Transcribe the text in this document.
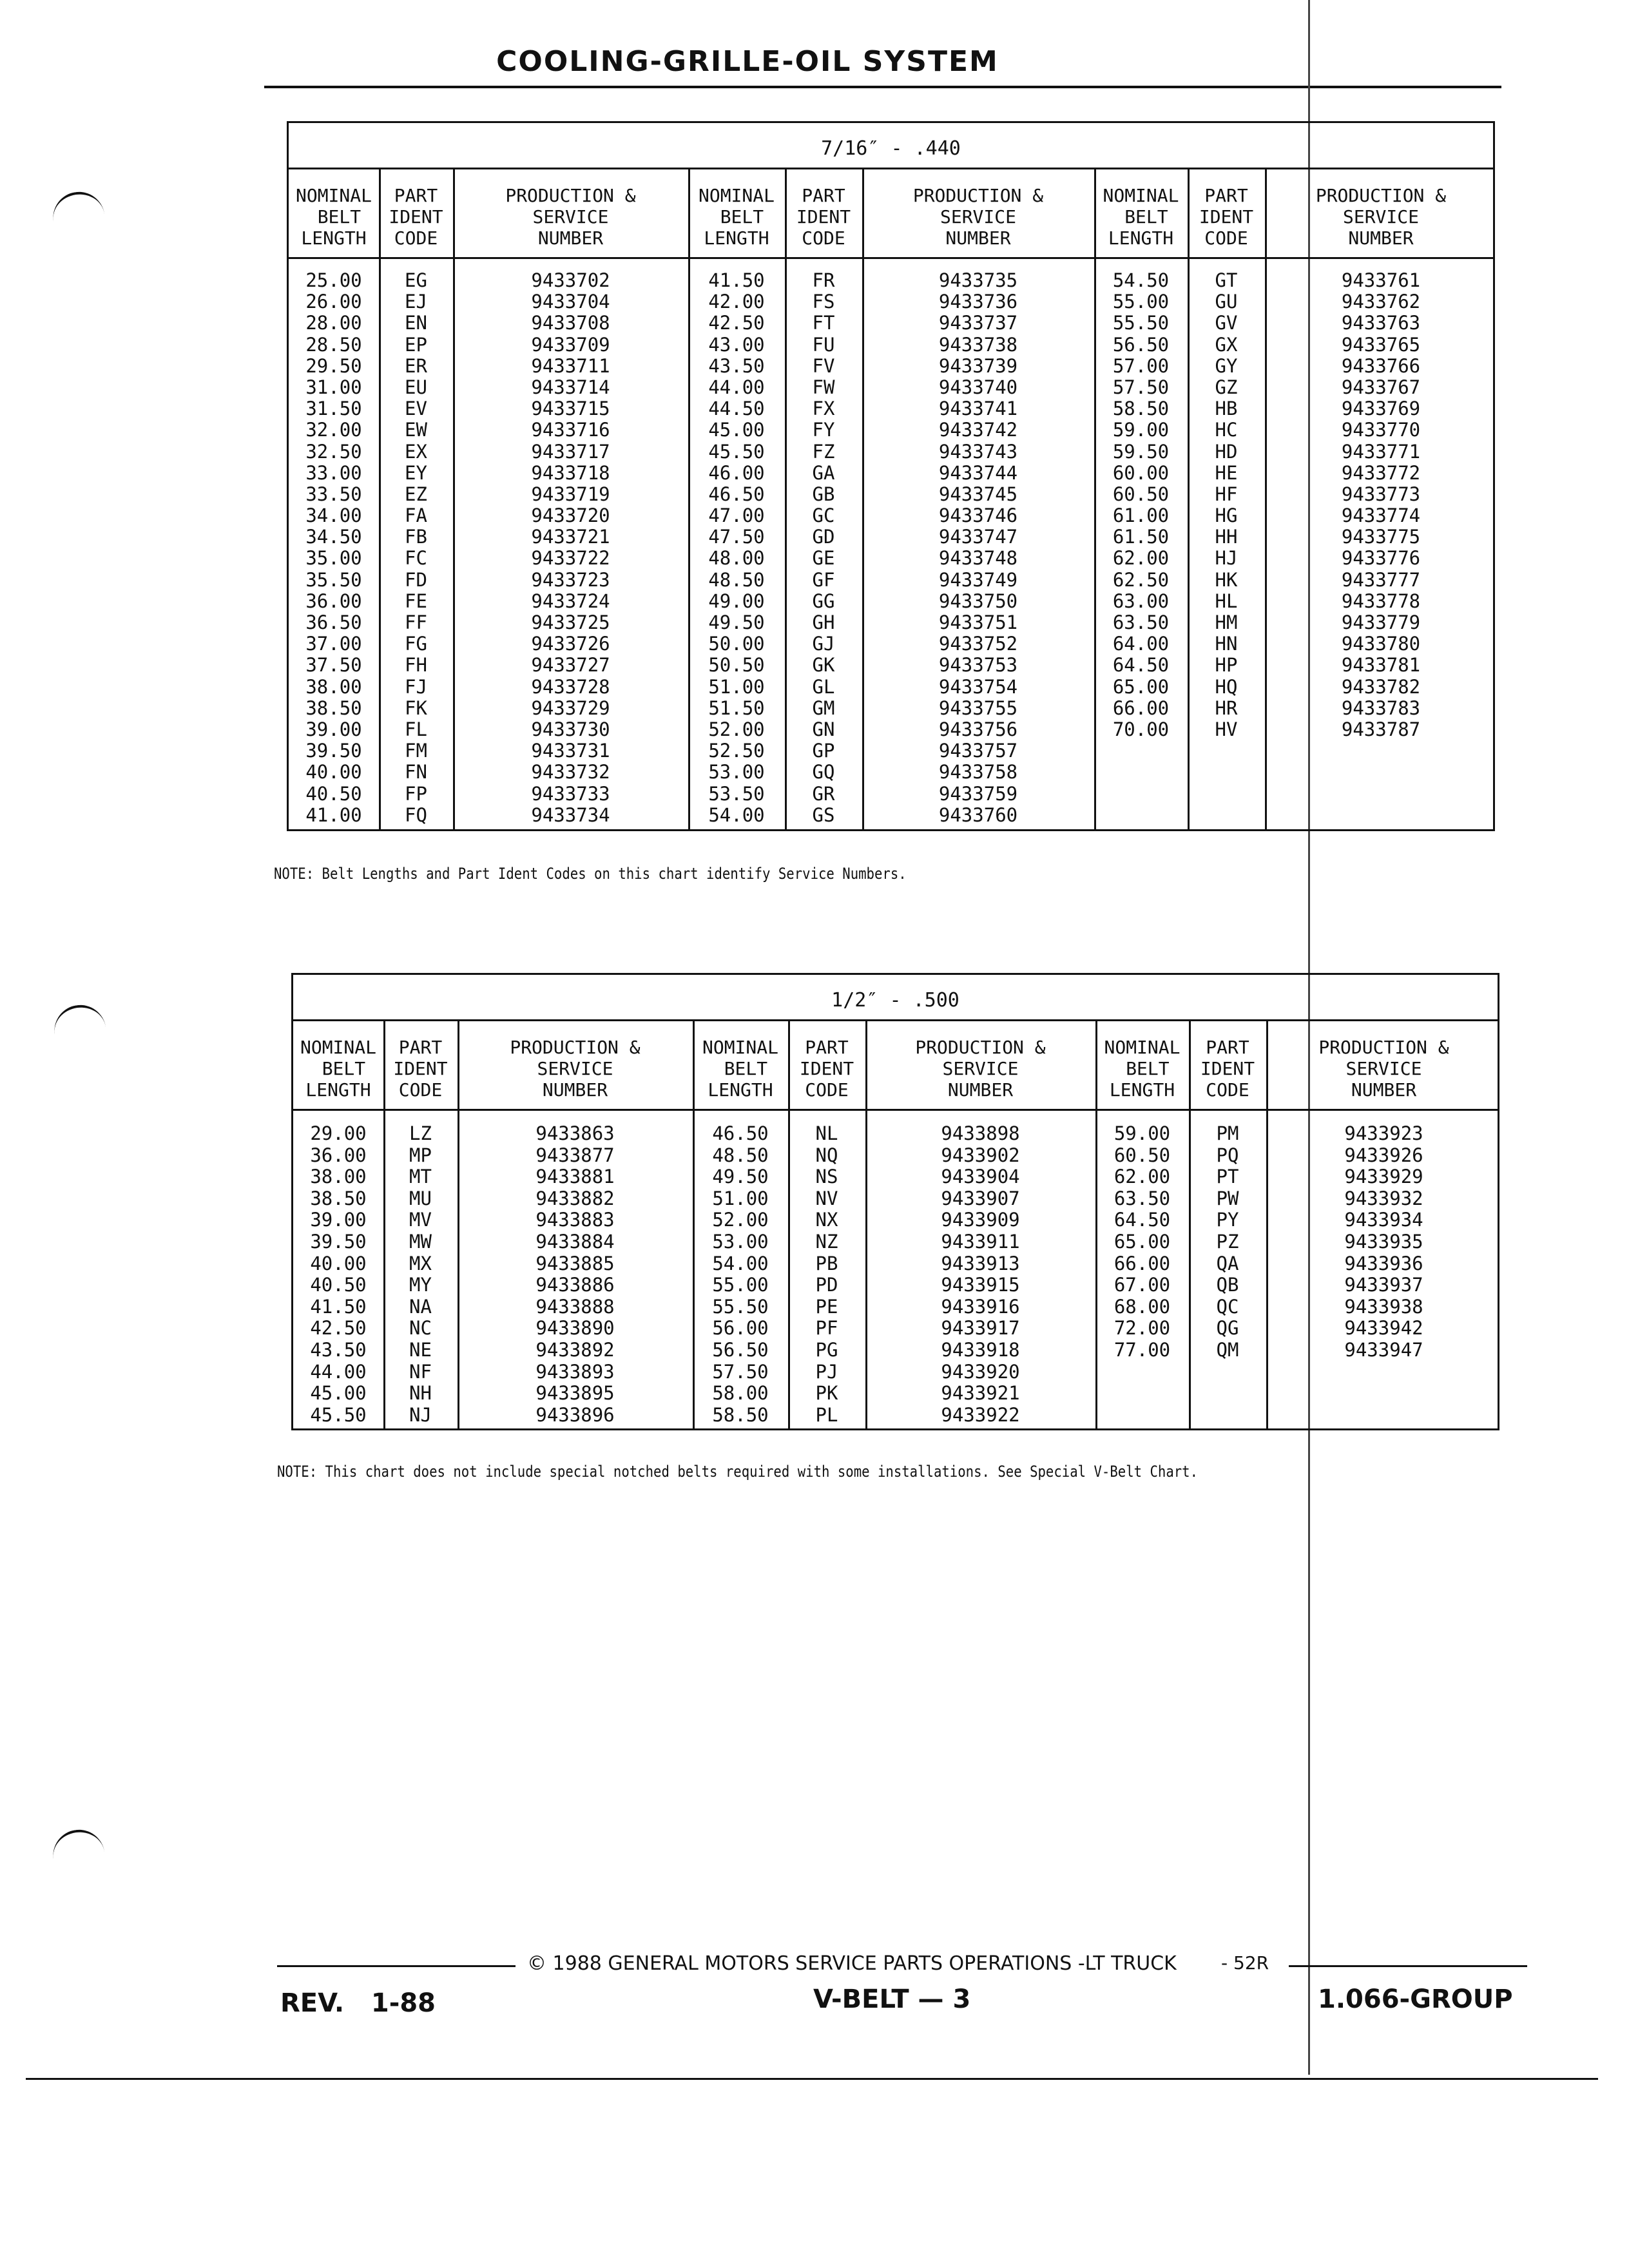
COOLING-GRILLE-OIL SYSTEM
7/16″ - .440
NOMINAL
BELT
LENGTH
PART
IDENT
CODE
PRODUCTION &
SERVICE
NUMBER
NOMINAL
BELT
LENGTH
PART
IDENT
CODE
PRODUCTION &
SERVICE
NUMBER
NOMINAL
BELT
LENGTH
PART
IDENT
CODE
PRODUCTION &
SERVICE
NUMBER
25.00
26.00
28.00
28.50
29.50
31.00
31.50
32.00
32.50
33.00
33.50
34.00
34.50
35.00
35.50
36.00
36.50
37.00
37.50
38.00
38.50
39.00
39.50
40.00
40.50
41.00
EG
EJ
EN
EP
ER
EU
EV
EW
EX
EY
EZ
FA
FB
FC
FD
FE
FF
FG
FH
FJ
FK
FL
FM
FN
FP
FQ
9433702
9433704
9433708
9433709
9433711
9433714
9433715
9433716
9433717
9433718
9433719
9433720
9433721
9433722
9433723
9433724
9433725
9433726
9433727
9433728
9433729
9433730
9433731
9433732
9433733
9433734
41.50
42.00
42.50
43.00
43.50
44.00
44.50
45.00
45.50
46.00
46.50
47.00
47.50
48.00
48.50
49.00
49.50
50.00
50.50
51.00
51.50
52.00
52.50
53.00
53.50
54.00
FR
FS
FT
FU
FV
FW
FX
FY
FZ
GA
GB
GC
GD
GE
GF
GG
GH
GJ
GK
GL
GM
GN
GP
GQ
GR
GS
9433735
9433736
9433737
9433738
9433739
9433740
9433741
9433742
9433743
9433744
9433745
9433746
9433747
9433748
9433749
9433750
9433751
9433752
9433753
9433754
9433755
9433756
9433757
9433758
9433759
9433760
54.50
55.00
55.50
56.50
57.00
57.50
58.50
59.00
59.50
60.00
60.50
61.00
61.50
62.00
62.50
63.00
63.50
64.00
64.50
65.00
66.00
70.00
GT
GU
GV
GX
GY
GZ
HB
HC
HD
HE
HF
HG
HH
HJ
HK
HL
HM
HN
HP
HQ
HR
HV
9433761
9433762
9433763
9433765
9433766
9433767
9433769
9433770
9433771
9433772
9433773
9433774
9433775
9433776
9433777
9433778
9433779
9433780
9433781
9433782
9433783
9433787
NOTE: Belt Lengths and Part Ident Codes on this chart identify Service Numbers.
1/2″ - .500
NOMINAL
BELT
LENGTH
PART
IDENT
CODE
PRODUCTION &
SERVICE
NUMBER
NOMINAL
BELT
LENGTH
PART
IDENT
CODE
PRODUCTION &
SERVICE
NUMBER
NOMINAL
BELT
LENGTH
PART
IDENT
CODE
PRODUCTION &
SERVICE
NUMBER
29.00
36.00
38.00
38.50
39.00
39.50
40.00
40.50
41.50
42.50
43.50
44.00
45.00
45.50
LZ
MP
MT
MU
MV
MW
MX
MY
NA
NC
NE
NF
NH
NJ
9433863
9433877
9433881
9433882
9433883
9433884
9433885
9433886
9433888
9433890
9433892
9433893
9433895
9433896
46.50
48.50
49.50
51.00
52.00
53.00
54.00
55.00
55.50
56.00
56.50
57.50
58.00
58.50
NL
NQ
NS
NV
NX
NZ
PB
PD
PE
PF
PG
PJ
PK
PL
9433898
9433902
9433904
9433907
9433909
9433911
9433913
9433915
9433916
9433917
9433918
9433920
9433921
9433922
59.00
60.50
62.00
63.50
64.50
65.00
66.00
67.00
68.00
72.00
77.00
PM
PQ
PT
PW
PY
PZ
QA
QB
QC
QG
QM
9433923
9433926
9433929
9433932
9433934
9433935
9433936
9433937
9433938
9433942
9433947
NOTE: This chart does not include special notched belts required with some installations. See Special V-Belt Chart.
© 1988 GENERAL MOTORS SERVICE PARTS OPERATIONS -LT TRUCK - 52R
REV.   1-88	V-BELT — 3	1.066-GROUP
